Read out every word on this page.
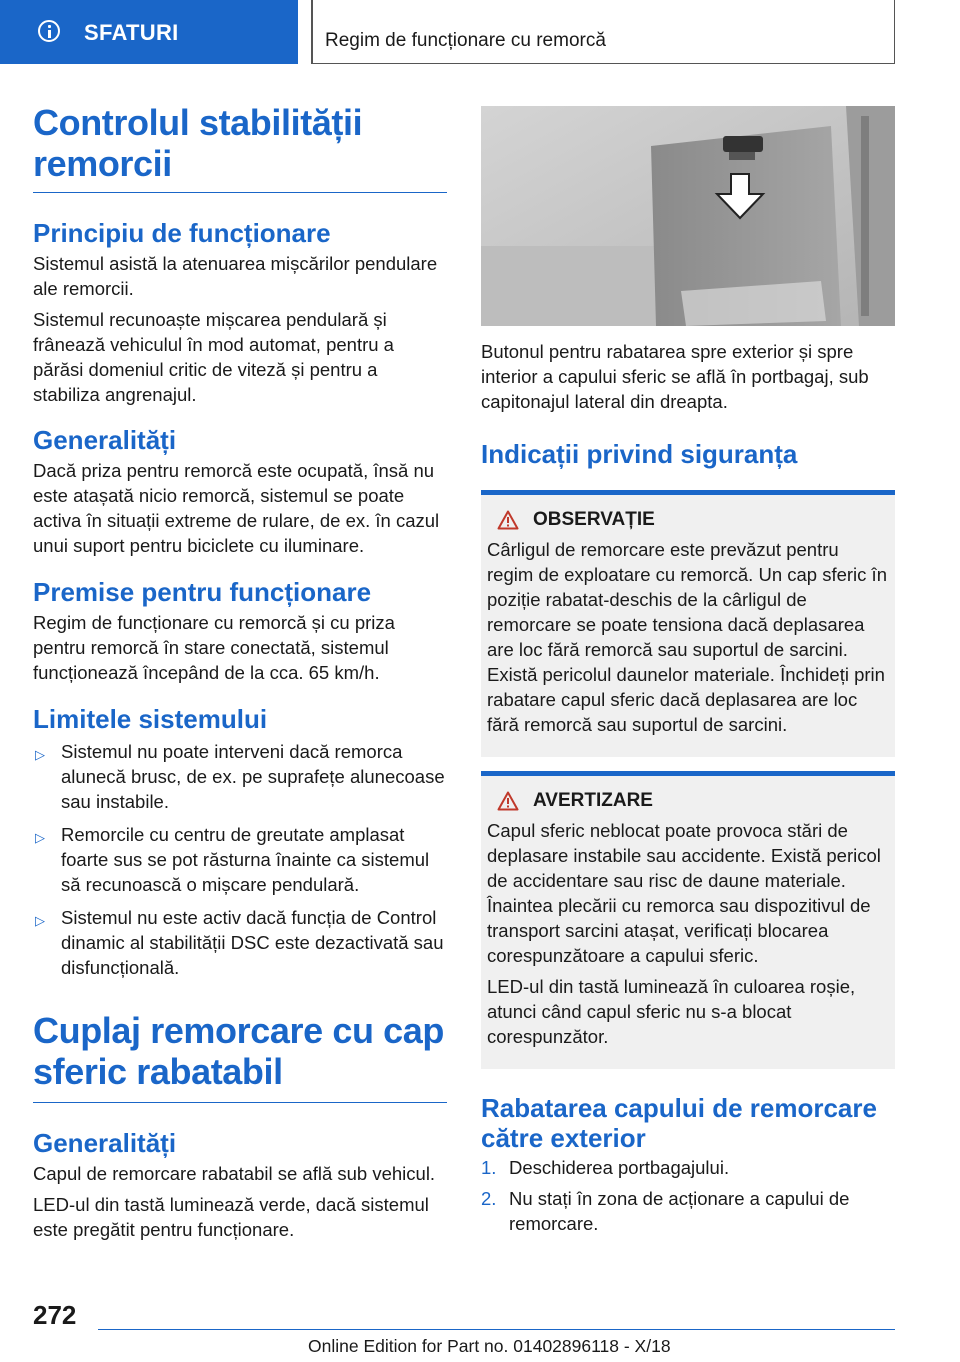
SFATURI	Regim de funcționare cu remorcă
Controlul stabilității remorcii
Principiu de funcționare

Sistemul asistă la atenuarea mișcărilor pendulare ale remorcii.

Sistemul recunoaște mișcarea pendulară și frânează vehiculul în mod automat, pentru a părăsi domeniul critic de viteză și pentru a stabiliza angrenajul.

Generalități

Dacă priza pentru remorcă este ocupată, însă nu este atașată nicio remorcă, sistemul se poate activa în situații extreme de rulare, de ex. în cazul unui suport pentru biciclete cu iluminare.

Premise pentru funcționare

Regim de funcționare cu remorcă și cu priza pentru remorcă în stare conectată, sistemul funcționează începând de la cca. 65 km/h.

Limitele sistemului
▷ Sistemul nu poate interveni dacă remorca alunecă brusc, de ex. pe suprafețe alunecoase sau instabile.
▷ Remorcile cu centru de greutate amplasat foarte sus se pot răsturna înainte ca sistemul să recunoască o mișcare pendulară.
▷ Sistemul nu este activ dacă funcția de Control dinamic al stabilității DSC este dezactivată sau disfuncțională.
Cuplaj remorcare cu cap sferic rabatabil
Generalități

Capul de remorcare rabatabil se află sub vehicul.

LED-ul din tastă luminează verde, dacă sistemul este pregătit pentru funcționare.

Butonul pentru rabatarea spre exterior și spre interior a capului sferic se află în portbagaj, sub capitonajul lateral din dreapta.

Indicații privind siguranța
OBSERVAȚIE

Cârligul de remorcare este prevăzut pentru regim de exploatare cu remorcă. Un cap sferic în poziție rabatat-deschis de la cârligul de remorcare se poate tensiona dacă deplasarea are loc fără remorcă sau suportul de sarcini. Există pericolul daunelor materiale. Închideți prin rabatare capul sferic dacă deplasarea are loc fără remorcă sau suportul de sarcini.

AVERTIZARE

Capul sferic neblocat poate provoca stări de deplasare instabile sau accidente. Există pericol de accidentare sau risc de daune materiale. Înaintea plecării cu remorca sau dispozitivul de transport sarcini atașat, verificați blocarea corespunzătoare a capului sferic.

LED-ul din tastă luminează în culoarea roșie, atunci când capul sferic nu s-a blocat corespunzător.

Rabatarea capului de remorcare către exterior
1. Deschiderea portbagajului.
2. Nu stați în zona de acționare a capului de remorcare.
272
Online Edition for Part no. 01402896118 - X/18
